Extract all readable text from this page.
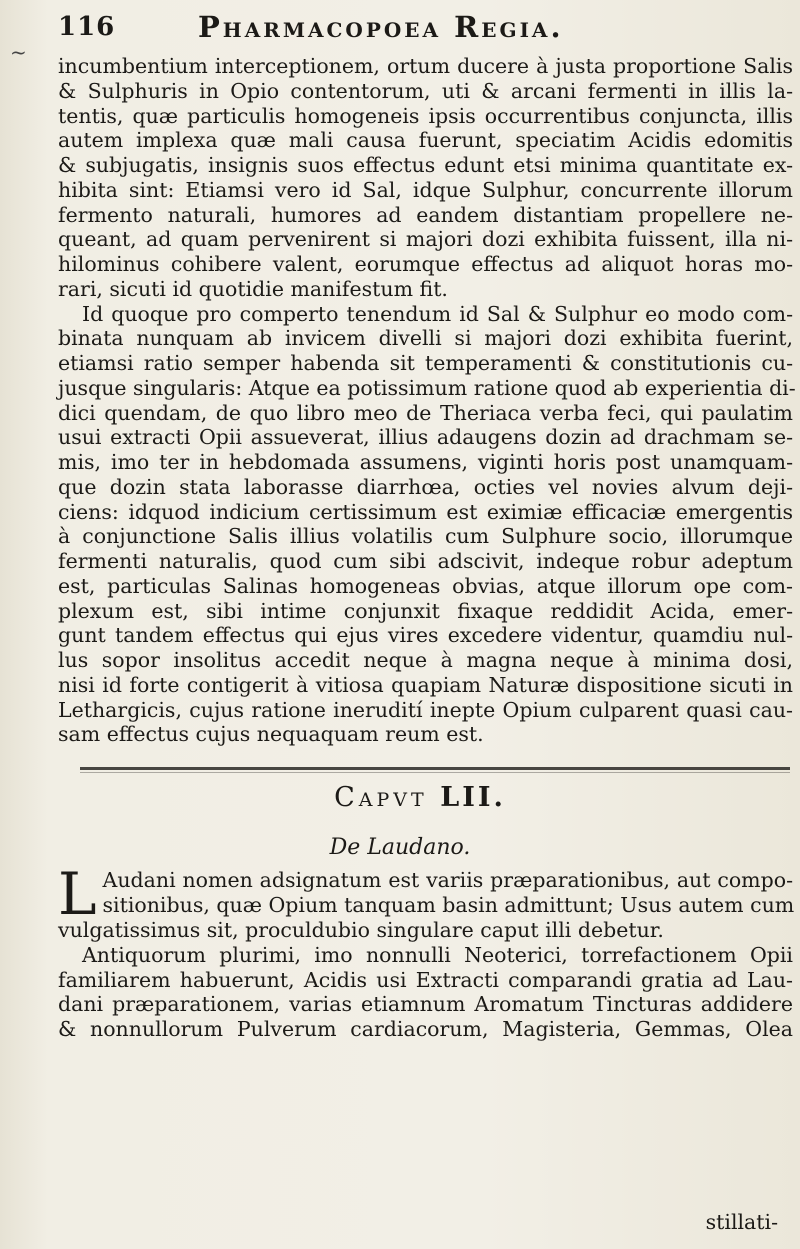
~
116	Pharmacopoea Regia.
incumbentium interceptionem, ortum ducere à justa proportione Salis
& Sulphuris in Opio contentorum, uti & arcani fermenti in illis la-
tentis, quæ particulis homogeneis ipsis occurrentibus conjuncta, illis
autem implexa quæ mali causa fuerunt, speciatim Acidis edomitis
& subjugatis, insignis suos effectus edunt etsi minima quantitate ex-
hibita sint: Etiamsi vero id Sal, idque Sulphur, concurrente illorum
fermento naturali, humores ad eandem distantiam propellere ne-
queant, ad quam pervenirent si majori dozi exhibita fuissent, illa ni-
hilominus cohibere valent, eorumque effectus ad aliquot horas mo-
rari, sicuti id quotidie manifestum fit.
Id quoque pro comperto tenendum id Sal & Sulphur eo modo com-
binata nunquam ab invicem divelli si majori dozi exhibita fuerint,
etiamsi ratio semper habenda sit temperamenti & constitutionis cu-
jusque singularis: Atque ea potissimum ratione quod ab experientia di-
dici quendam, de quo libro meo de Theriaca verba feci, qui paulatim
usui extracti Opii assueverat, illius adaugens dozin ad drachmam se-
mis, imo ter in hebdomada assumens, viginti horis post unamquam-
que dozin stata laborasse diarrhœa, octies vel novies alvum deji-
ciens: idquod indicium certissimum est eximiæ efficaciæ emergentis
à conjunctione Salis illius volatilis cum Sulphure socio, illorumque
fermenti naturalis, quod cum sibi adscivit, indeque robur adeptum
est, particulas Salinas homogeneas obvias, atque illorum ope com-
plexum est, sibi intime conjunxit fixaque reddidit Acida, emer-
gunt tandem effectus qui ejus vires excedere videntur, quamdiu nul-
lus sopor insolitus accedit neque à magna neque à minima dosi,
nisi id forte contigerit à vitiosa quapiam Naturæ dispositione sicuti in
Lethargicis, cujus ratione inerudití inepte Opium culparent quasi cau-
sam effectus cujus nequaquam reum est.
Capvt LII.
De Laudano.
L Audani nomen adsignatum est variis præparationibus, aut compo-
sitionibus, quæ Opium tanquam basin admittunt; Usus autem cum
vulgatissimus sit, proculdubio singulare caput illi debetur.
Antiquorum plurimi, imo nonnulli Neoterici, torrefactionem Opii
familiarem habuerunt, Acidis usi Extracti comparandi gratia ad Lau-
dani præparationem, varias etiamnum Aromatum Tincturas addidere
& nonnullorum Pulverum cardiacorum, Magisteria, Gemmas, Olea
stillati-
